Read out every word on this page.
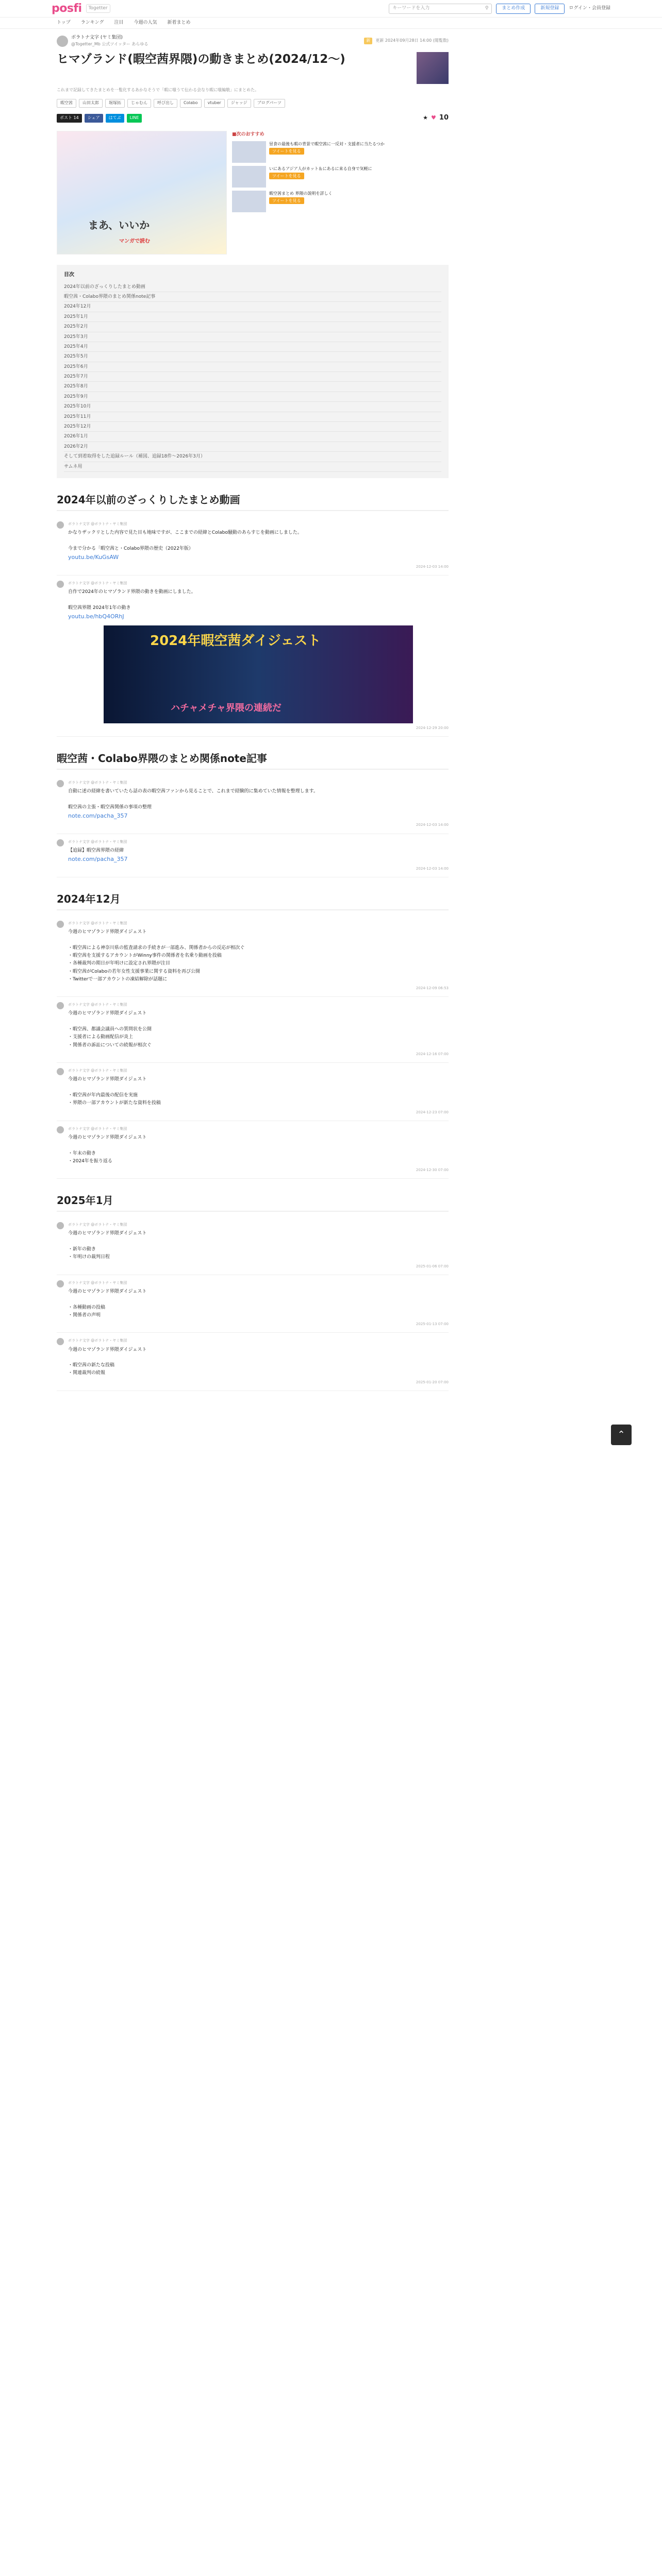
posfi	Togetter	キーワードを入力	⚲	まとめ作成	新規登録	ログイン・会員登録
トップ ランキング 注目 今週の人気 新着まとめ
ボラトナ文字 (ヤミ集団)
@Togetter_Mb 公式ツイッター あらゆる
新	更新 2024年09月28日 14:00 (閲覧数)
ヒマゾランド(暇空茜界隈)の動きまとめ(2024/12〜)
これまで記録してきたまとめを一覧化するあかなそうで「暇に嗤うて伝わる会なり暇に嗤編敬」にまとめた。
暇空茜	山田太郎	堀塚拓	じゃむん	呼び出し	Colabo	vtuber	ジャッジ	ブログパーツ
ポスト 14	シェア	はてぶ	LINE	★ ♥ 10
まあ、いいか
マンガで読む
■次のおすすめ
昼食の最後も暇の背景で暇空茜に一反対・支援者に当たるつか
ツイートを見る
いにあるアジア人がカット＆にあるに来る自身で気軽に
ツイートを見る
暇空茜まとめ 界隈の説明を詳しく
ツイートを見る
目次
2024年以前のざっくりしたまとめ動画
暇空茜・Colabo界隈のまとめ関係note記事
2024年12月
2025年1月
2025年2月
2025年3月
2025年4月
2025年5月
2025年6月
2025年7月
2025年8月
2025年9月
2025年10月
2025年11月
2025年12月
2026年1月
2026年2月
そして到着取得をした追録ルール（補図、追録18件〜2026年3月）
サムネ用
2024年以前のざっくりしたまとめ動画
ボラトナ文字 @ボラトナ・ヤミ集団
かなりザックリとした内容で見た目も地味ですが、ここまでの経緯とColabo騒動のあらすじを動画にしました。

今まで分かる「暇空茜と・Colabo界隈の歴史（2022年版）
youtu.be/KuGsAW
2024-12-03 14:00
ボラトナ文字 @ボラトナ・ヤミ集団
自作で2024年のヒマゾランド界隈の動きを動画にしました。

暇空茜界隈 2024年1年の動き
youtu.be/hbQ4ORhJ
2024年暇空茜ダイジェスト
ハチャメチャ界隈の連続だ
2024-12-29 20:00
暇空茜・Colabo界隈のまとめ関係note記事
ボラトナ文字 @ボラトナ・ヤミ集団
自動に述の経緯を書いていたら話の表の暇空茜ファンから見ることで、これまで経験的に集めていた情報を整理します。

暇空茜の主張・暇空茜関係の事項の整理
note.com/pacha_357
2024-12-03 14:00
ボラトナ文字 @ボラトナ・ヤミ集団
【追録】暇空茜界隈の経緯
note.com/pacha_357
2024-12-03 14:00
2024年12月
ボラトナ文字 @ボラトナ・ヤミ集団
今週のヒマゾランド界隈ダイジェスト

・暇空茜による神奈川県の監査請求の手続きが一部進み、関係者からの反応が相次ぐ
・暇空茜を支援するアカウントがWinny事件の関係者を名乗り動画を投稿
・各種裁判の期日が年明けに設定され界隈が注目
・暇空茜がColaboの若年女性支援事業に関する資料を再び公開
・Twitterで一部アカウントの凍結解除が話題に
2024-12-09 06:53
ボラトナ文字 @ボラトナ・ヤミ集団
今週のヒマゾランド界隈ダイジェスト

・暇空茜、都議会議員への質問状を公開
・支援者による動画配信が炎上
・関係者の訴訟についての続報が相次ぐ
2024-12-16 07:00
ボラトナ文字 @ボラトナ・ヤミ集団
今週のヒマゾランド界隈ダイジェスト

・暇空茜が年内最後の配信を実施
・界隈の一部アカウントが新たな資料を投稿
2024-12-23 07:00
ボラトナ文字 @ボラトナ・ヤミ集団
今週のヒマゾランド界隈ダイジェスト

・年末の動き
・2024年を振り返る
2024-12-30 07:00
2025年1月
ボラトナ文字 @ボラトナ・ヤミ集団
今週のヒマゾランド界隈ダイジェスト

・新年の動き
・年明けの裁判日程
2025-01-06 07:00
ボラトナ文字 @ボラトナ・ヤミ集団
今週のヒマゾランド界隈ダイジェスト

・各種動画の投稿
・関係者の声明
2025-01-13 07:00
ボラトナ文字 @ボラトナ・ヤミ集団
今週のヒマゾランド界隈ダイジェスト

・暇空茜の新たな投稿
・関連裁判の続報
2025-01-20 07:00
⌃
